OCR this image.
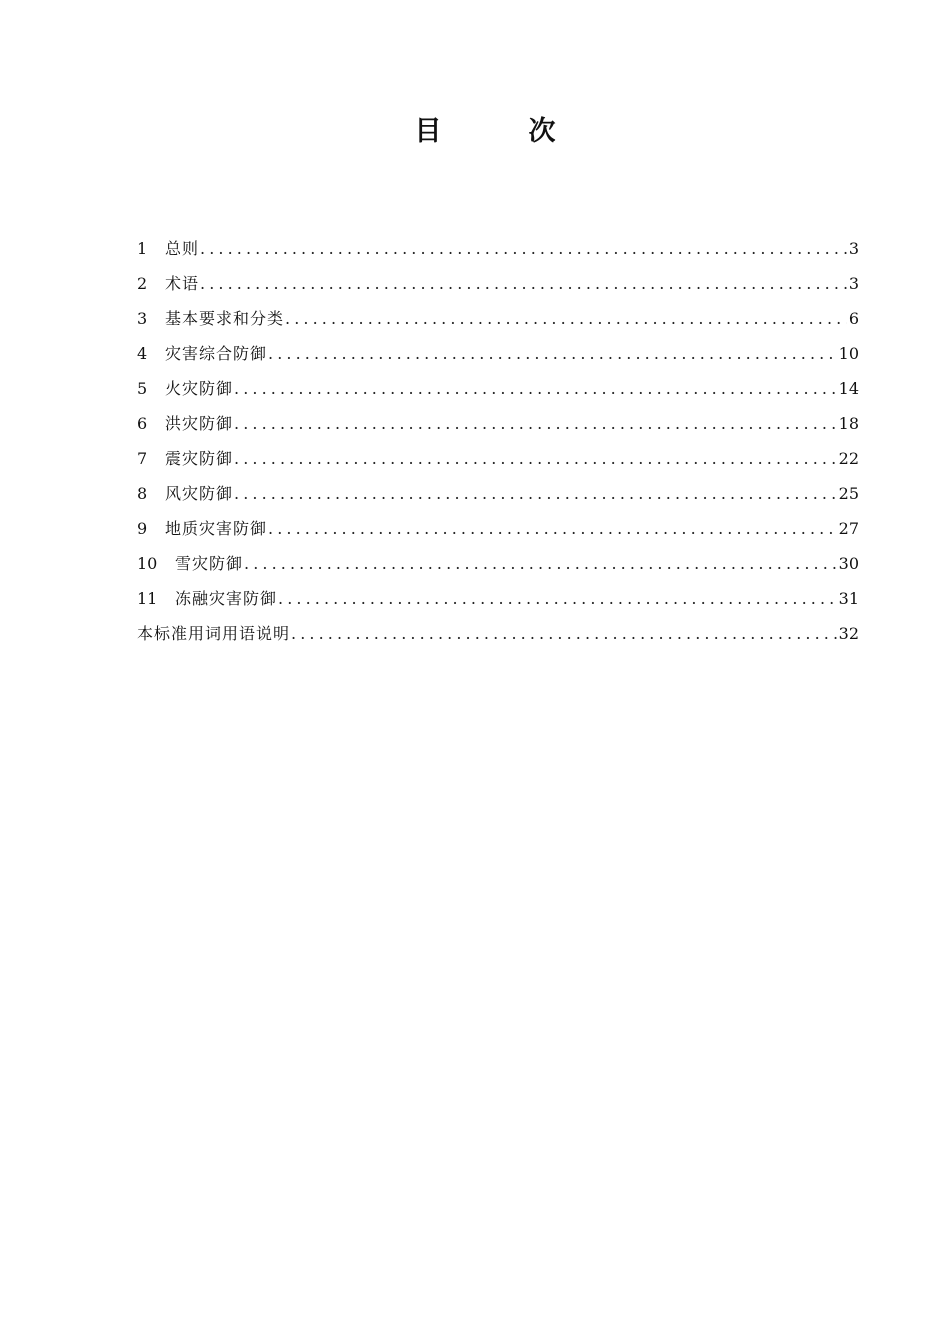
目　次
1	总则 .....	3
2	术语 .....	3
3	基本要求和分类 .....	6
4	灾害综合防御 .....	10
5	火灾防御 .....	14
6	洪灾防御 .....	18
7	震灾防御 .....	22
8	风灾防御 .....	25
9	地质灾害防御 .....	27
10	雪灾防御 .....	30
11	冻融灾害防御 .....	31
本标准用词用语说明 .....	32
